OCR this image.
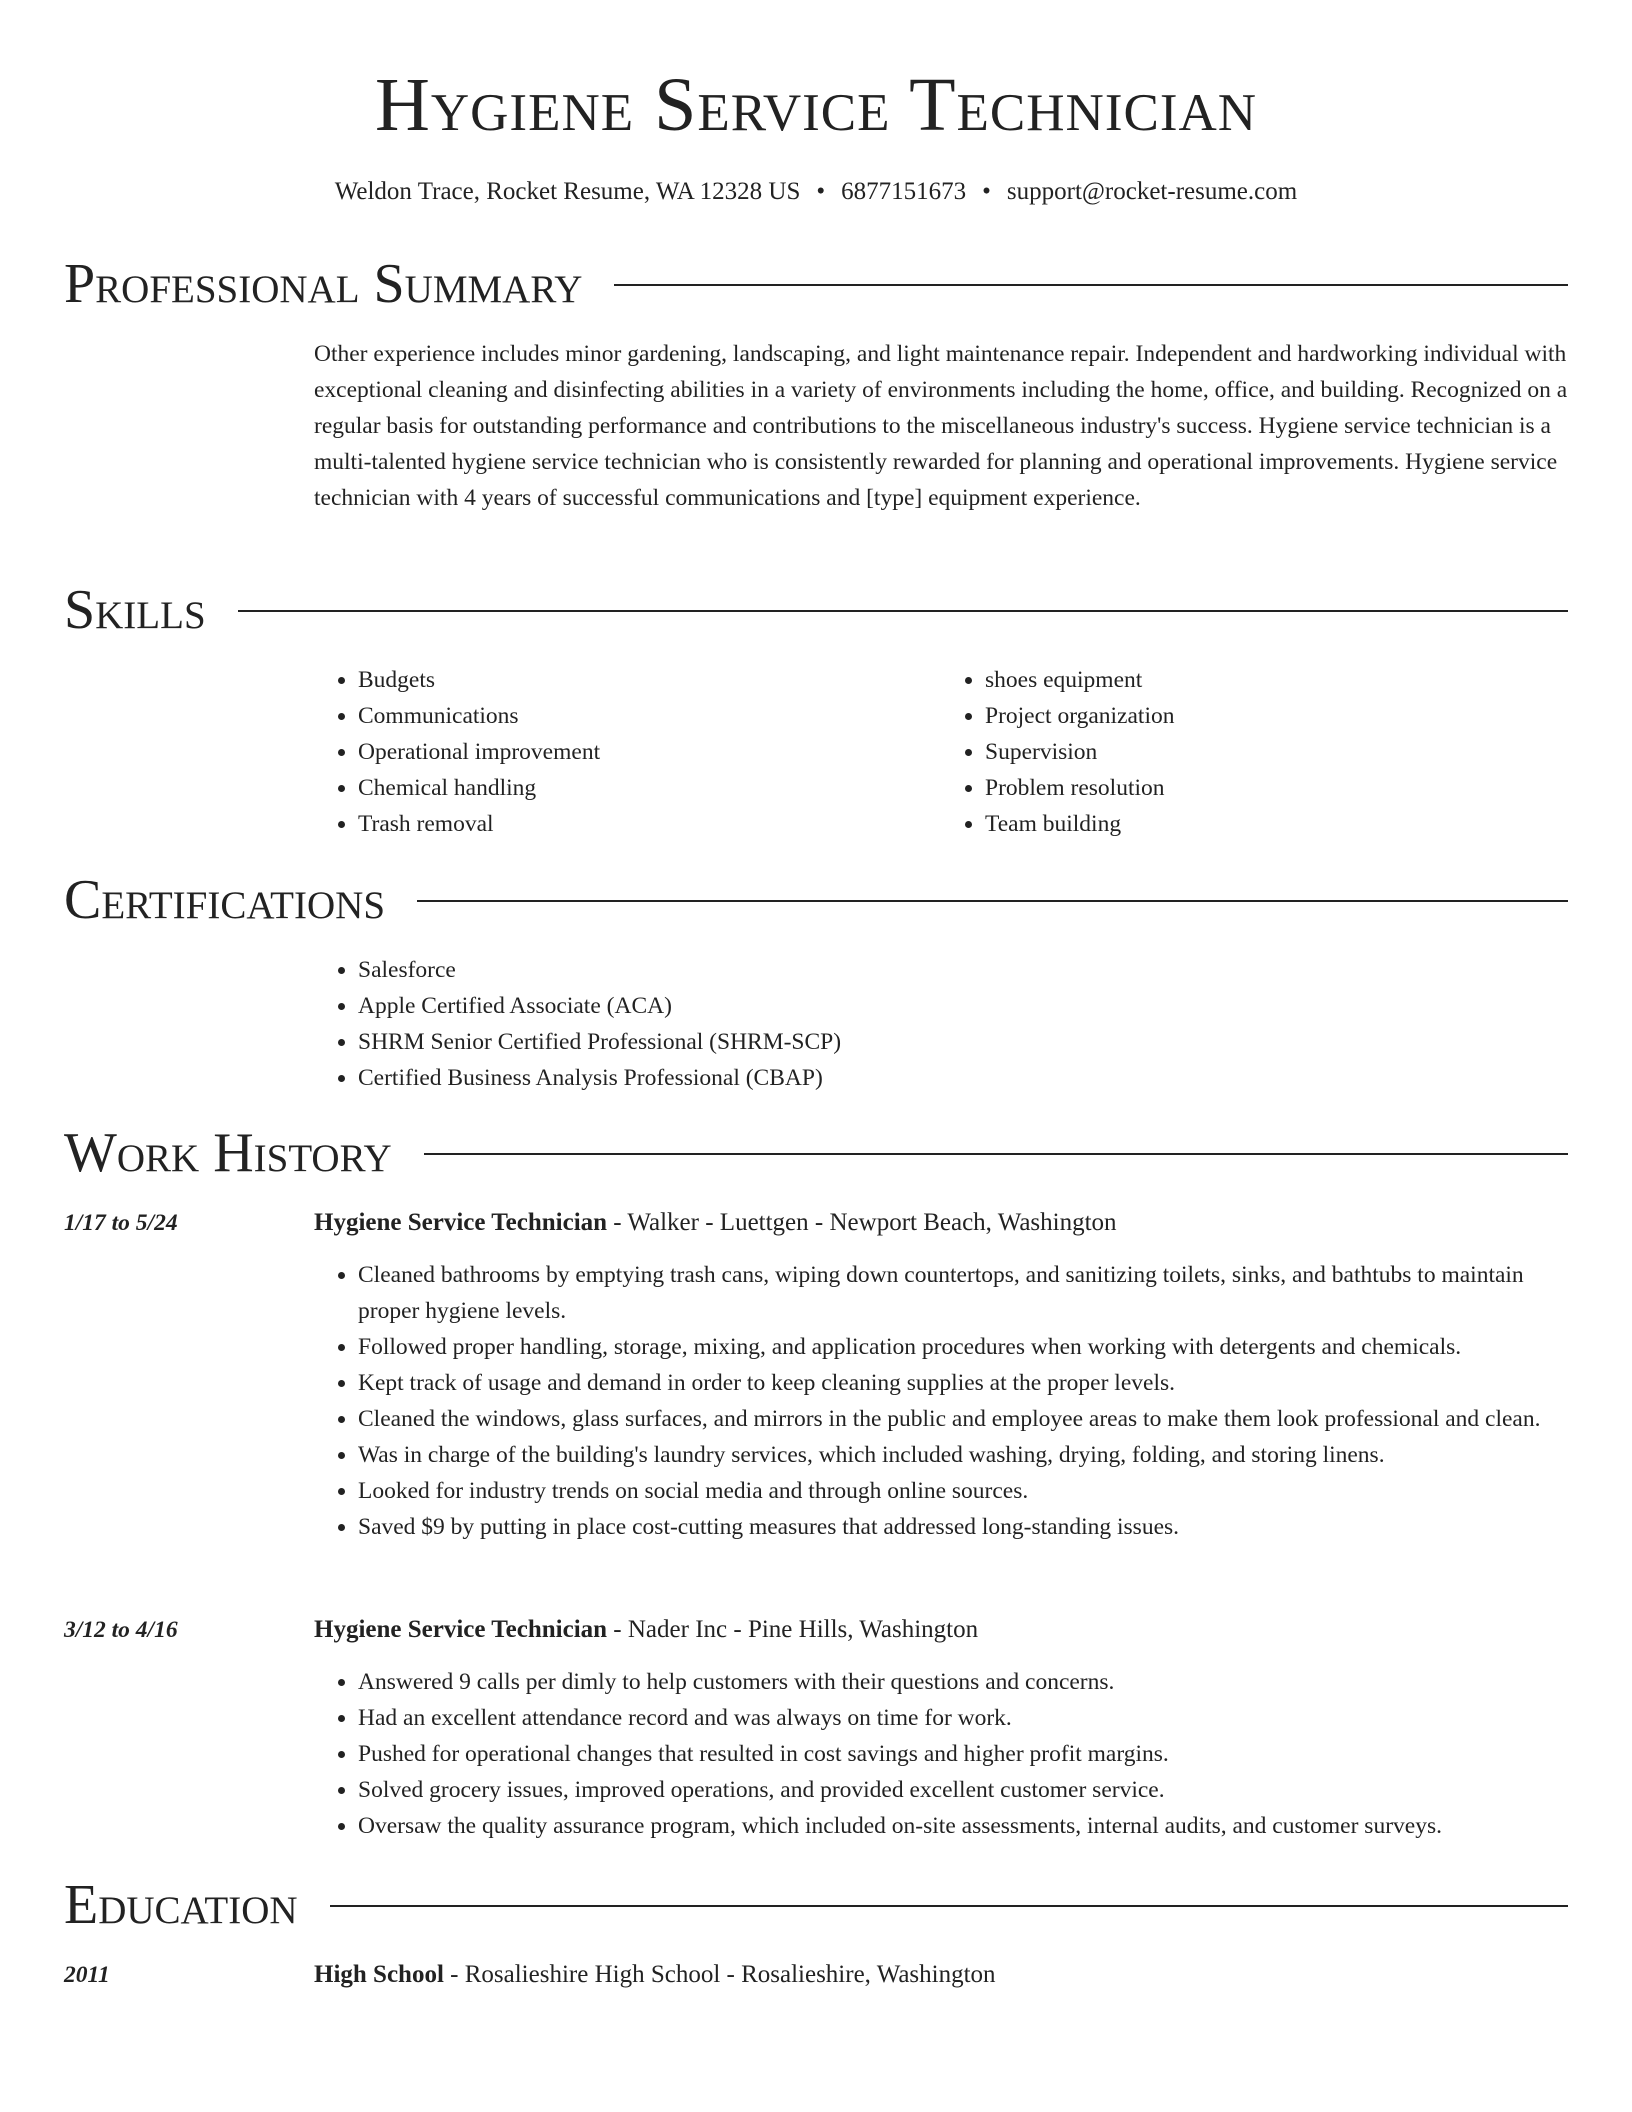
Hygiene Service Technician
Weldon Trace, Rocket Resume, WA 12328 US • 6877151673 • support@rocket-resume.com
Professional Summary
Other experience includes minor gardening, landscaping, and light maintenance repair. Independent and hardworking individual with exceptional cleaning and disinfecting abilities in a variety of environments including the home, office, and building. Recognized on a regular basis for outstanding performance and contributions to the miscellaneous industry's success. Hygiene service technician is a multi-talented hygiene service technician who is consistently rewarded for planning and operational improvements. Hygiene service technician with 4 years of successful communications and [type] equipment experience.
Skills
• Budgets
• Communications
• Operational improvement
• Chemical handling
• Trash removal
• shoes equipment
• Project organization
• Supervision
• Problem resolution
• Team building
Certifications
• Salesforce
• Apple Certified Associate (ACA)
• SHRM Senior Certified Professional (SHRM-SCP)
• Certified Business Analysis Professional (CBAP)
Work History
1/17 to 5/24	Hygiene Service Technician - Walker - Luettgen - Newport Beach, Washington
• Cleaned bathrooms by emptying trash cans, wiping down countertops, and sanitizing toilets, sinks, and bathtubs to maintain proper hygiene levels.
• Followed proper handling, storage, mixing, and application procedures when working with detergents and chemicals.
• Kept track of usage and demand in order to keep cleaning supplies at the proper levels.
• Cleaned the windows, glass surfaces, and mirrors in the public and employee areas to make them look professional and clean.
• Was in charge of the building's laundry services, which included washing, drying, folding, and storing linens.
• Looked for industry trends on social media and through online sources.
• Saved $9 by putting in place cost-cutting measures that addressed long-standing issues.
3/12 to 4/16	Hygiene Service Technician - Nader Inc - Pine Hills, Washington
• Answered 9 calls per dimly to help customers with their questions and concerns.
• Had an excellent attendance record and was always on time for work.
• Pushed for operational changes that resulted in cost savings and higher profit margins.
• Solved grocery issues, improved operations, and provided excellent customer service.
• Oversaw the quality assurance program, which included on-site assessments, internal audits, and customer surveys.
Education
2011	High School - Rosalieshire High School - Rosalieshire, Washington
